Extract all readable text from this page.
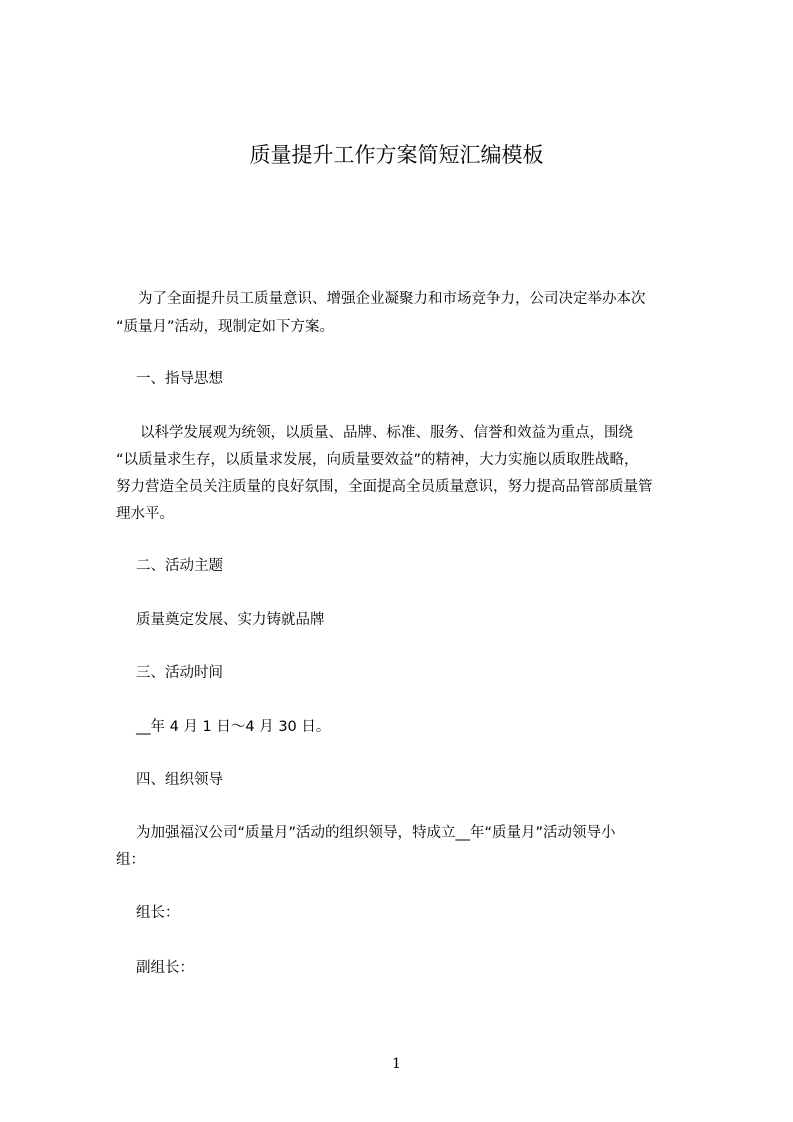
质量提升工作方案简短汇编模板
为了全面提升员工质量意识、增强企业凝聚力和市场竞争力，公司决定举办本次
“质量月”活动，现制定如下方案。
一、指导思想
以科学发展观为统领，以质量、品牌、标准、服务、信誉和效益为重点，围绕
“以质量求生存，以质量求发展，向质量要效益”的精神，大力实施以质取胜战略，
努力营造全员关注质量的良好氛围，全面提高全员质量意识，努力提高品管部质量管
理水平。
二、活动主题
质量奠定发展、实力铸就品牌
三、活动时间
__年 4 月 1 日～4 月 30 日。
四、组织领导
为加强福汉公司“质量月”活动的组织领导，特成立__年“质量月”活动领导小
组：
组长：
副组长：
1
